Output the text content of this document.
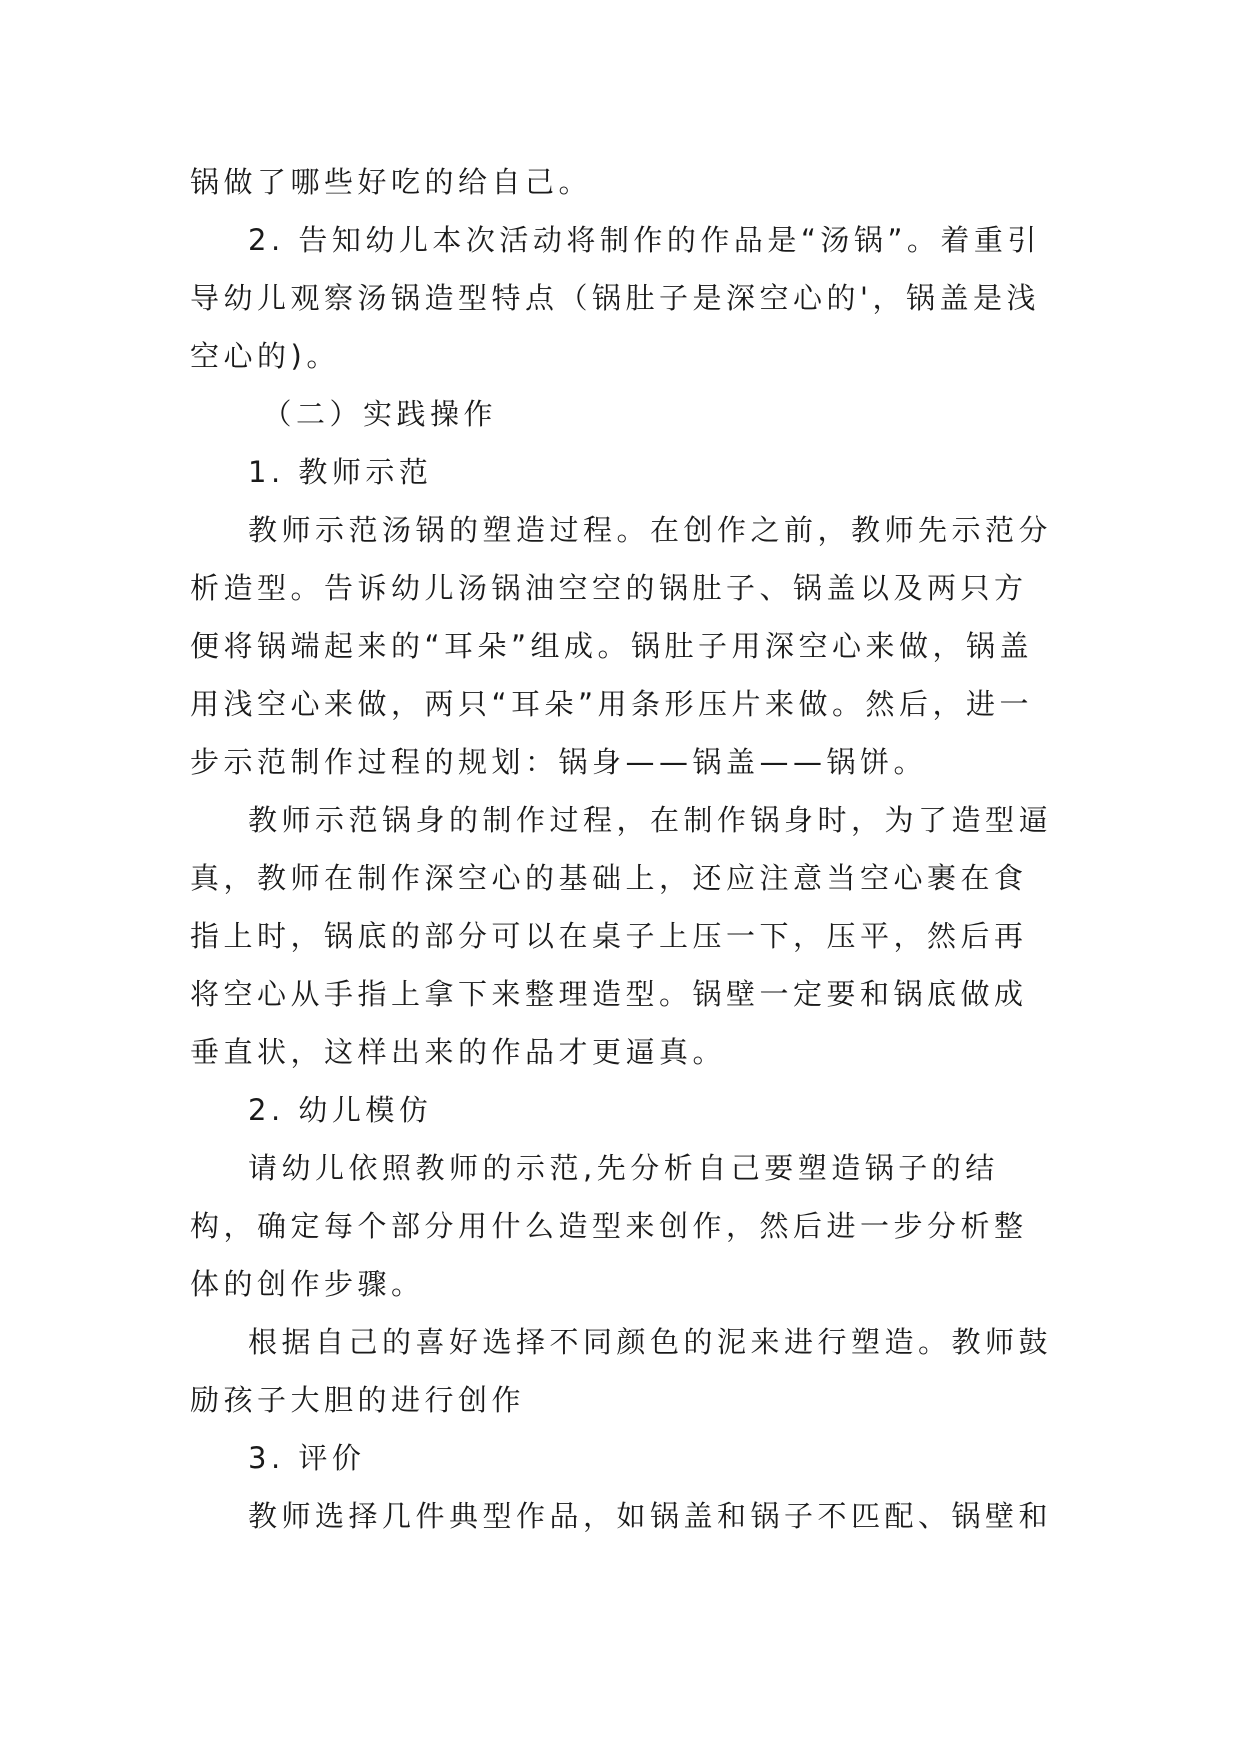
锅做了哪些好吃的给自己。

2. 告知幼儿本次活动将制作的作品是“汤锅”。着重引导幼儿观察汤锅造型特点（锅肚子是深空心的'，锅盖是浅空心的)。

（二）实践操作

1. 教师示范

教师示范汤锅的塑造过程。在创作之前，教师先示范分析造型。告诉幼儿汤锅油空空的锅肚子、锅盖以及两只方便将锅端起来的“耳朵”组成。锅肚子用深空心来做，锅盖用浅空心来做，两只“耳朵”用条形压片来做。然后，进一步示范制作过程的规划：锅身——锅盖——锅饼。

教师示范锅身的制作过程，在制作锅身时，为了造型逼真，教师在制作深空心的基础上，还应注意当空心裹在食指上时，锅底的部分可以在桌子上压一下，压平，然后再将空心从手指上拿下来整理造型。锅壁一定要和锅底做成垂直状，这样出来的作品才更逼真。

2. 幼儿模仿

请幼儿依照教师的示范,先分析自己要塑造锅子的结构，确定每个部分用什么造型来创作，然后进一步分析整体的创作步骤。

根据自己的喜好选择不同颜色的泥来进行塑造。教师鼓励孩子大胆的进行创作

3. 评价

教师选择几件典型作品，如锅盖和锅子不匹配、锅壁和
